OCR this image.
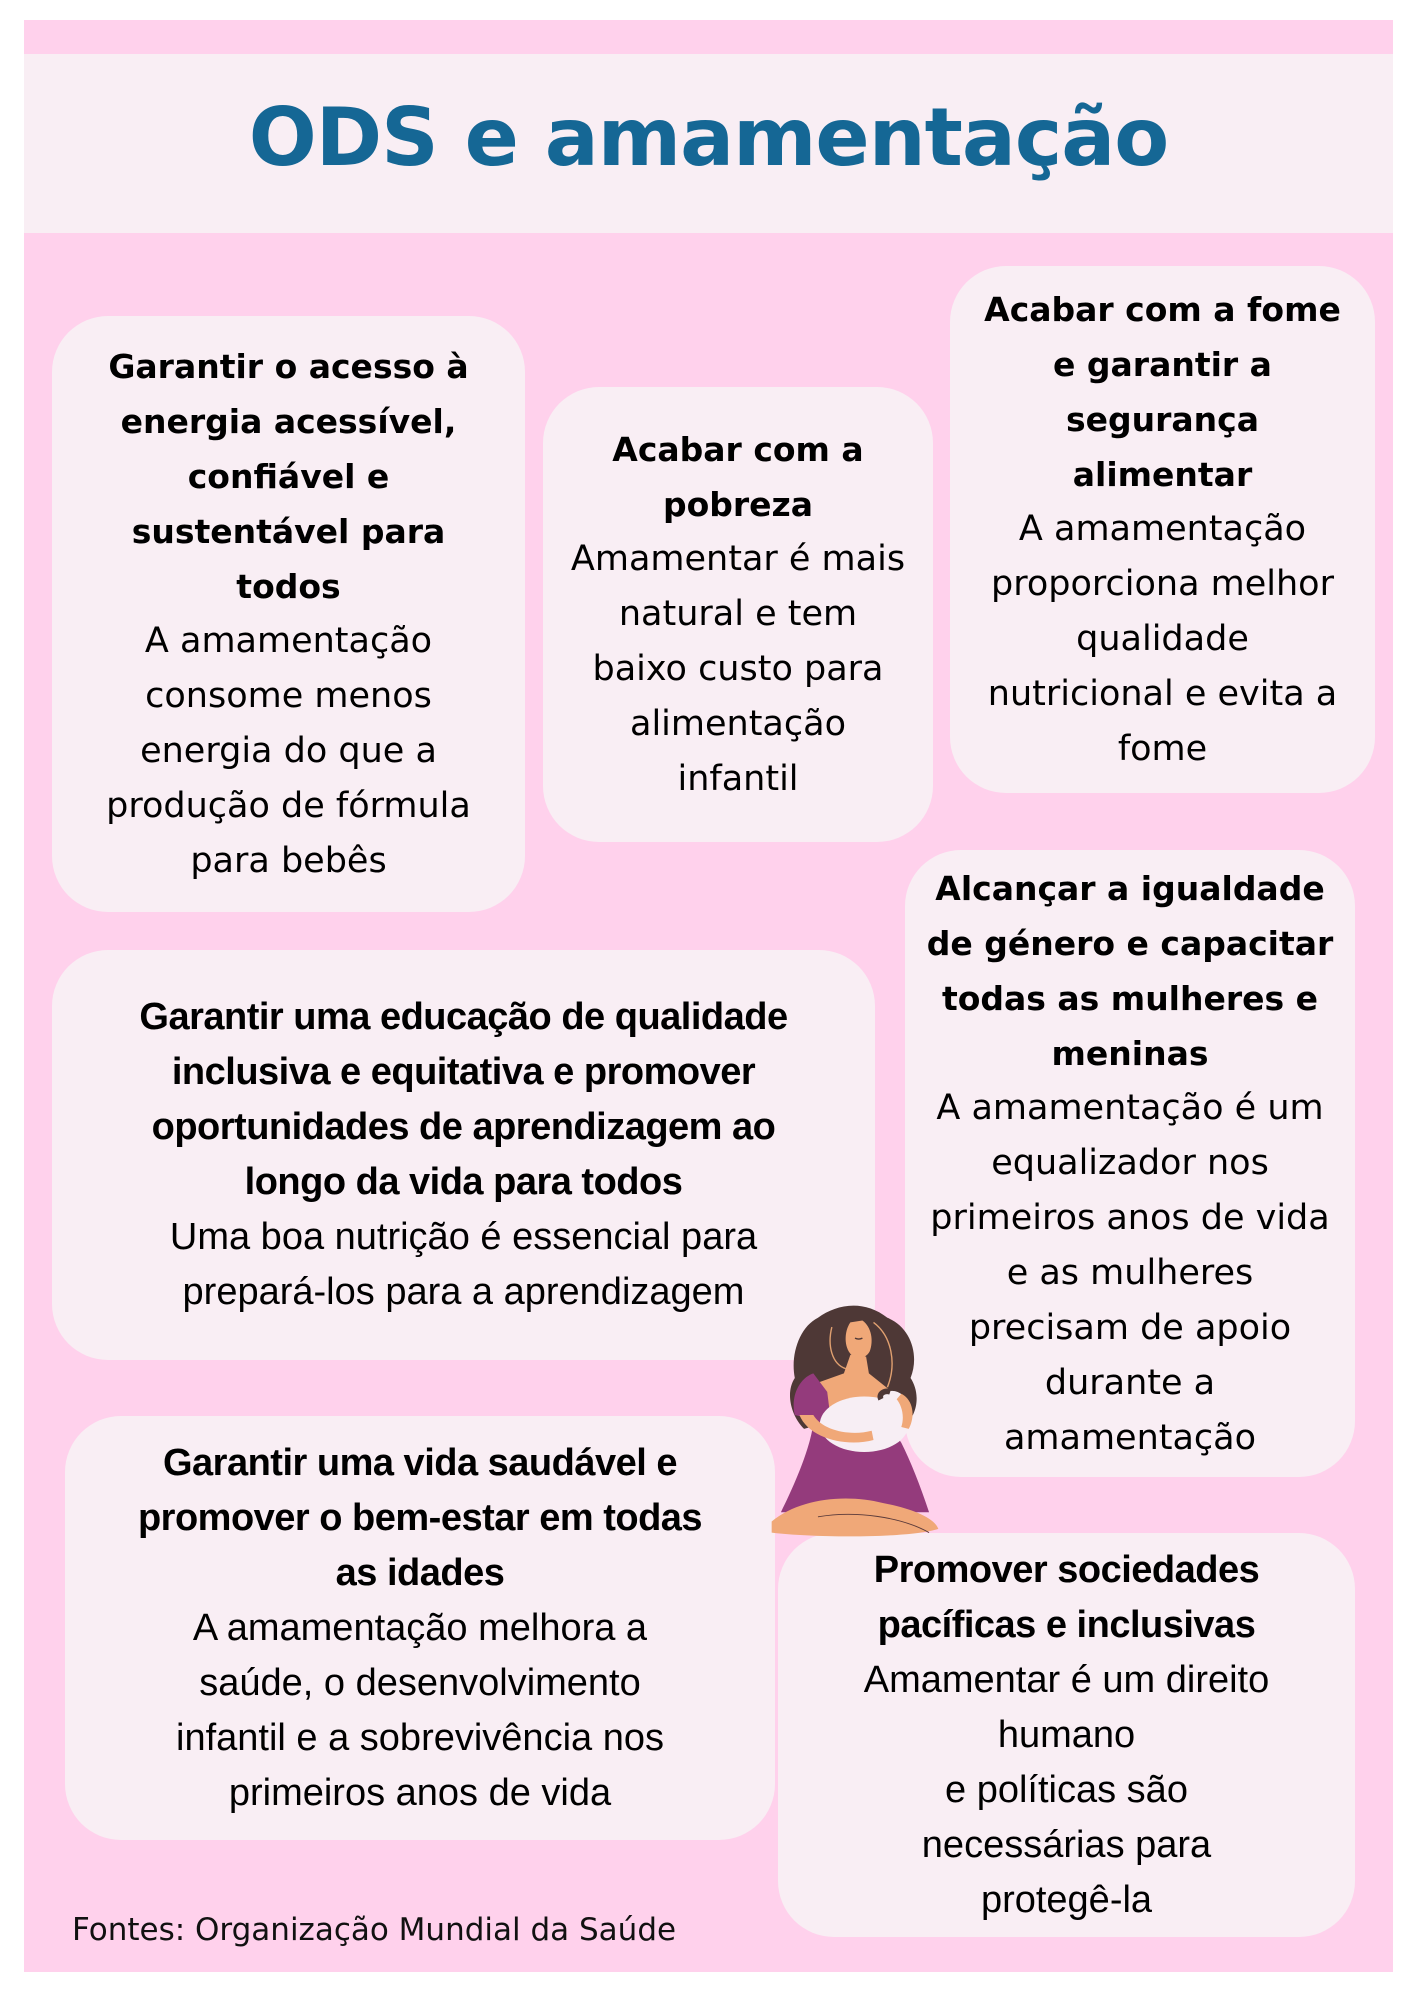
ODS e amamentação

Garantir o acesso à

energia acessível,

confiável e

sustentável para

todos

A amamentação

consome menos

energia do que a

produção de fórmula

para bebês

Acabar com a

pobreza

Amamentar é mais

natural e tem

baixo custo para

alimentação

infantil

Acabar com a fome

e garantir a

segurança

alimentar

A amamentação

proporciona melhor

qualidade

nutricional e evita a

fome

Garantir uma educação de qualidade

inclusiva e equitativa e promover

oportunidades de aprendizagem ao

longo da vida para todos

Uma boa nutrição é essencial para

prepará-los para a aprendizagem

Alcançar a igualdade

de género e capacitar

todas as mulheres e

meninas

A amamentação é um

equalizador nos

primeiros anos de vida

e as mulheres

precisam de apoio

durante a

amamentação

Garantir uma vida saudável e

promover o bem-estar em todas

as idades

A amamentação melhora a

saúde, o desenvolvimento

infantil e a sobrevivência nos

primeiros anos de vida

Promover sociedades

pacíficas e inclusivas

Amamentar é um direito

humano

e políticas são

necessárias para

protegê-la

Fontes: Organização Mundial da Saúde
